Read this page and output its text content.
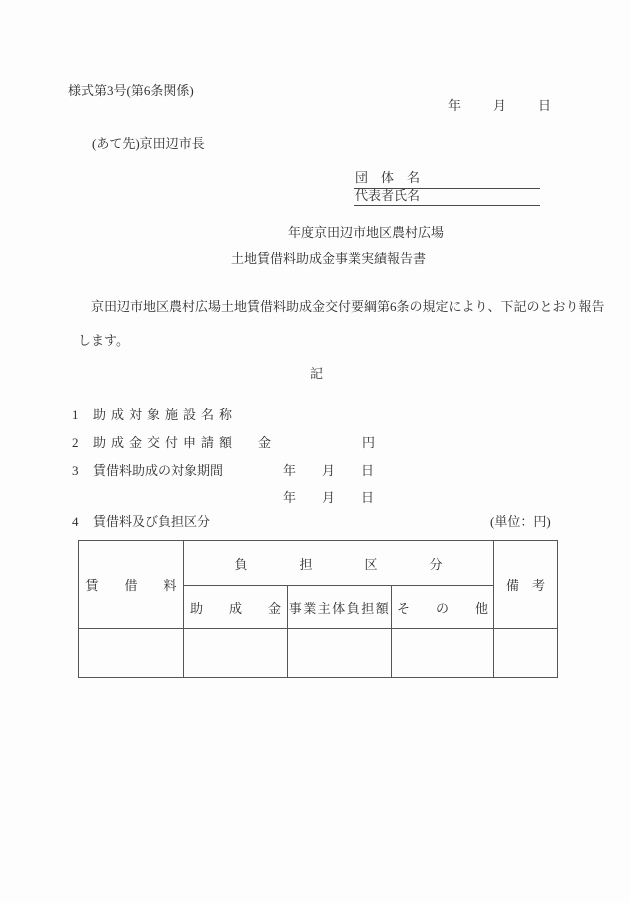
様式第3号(第6条関係)
年　　月　　日
(あて先)京田辺市長
団　体　名
代表者氏名
年度京田辺市地区農村広場
土地賃借料助成金事業実績報告書
　京田辺市地区農村広場土地賃借料助成金交付要綱第6条の規定により、下記のとおり報告
します。
記
1 助成対象施設名称
2 助成金交付申請額 金	円
3 賃借料助成の対象期間	年　　月　　日
年　　月　　日
4 賃借料及び負担区分	(単位：円)
賃　　借　　料	負　　　　担　　　　区　　　　分			備　考
	助　　成　　金	事業主体負担額	そ　　の　　他	
